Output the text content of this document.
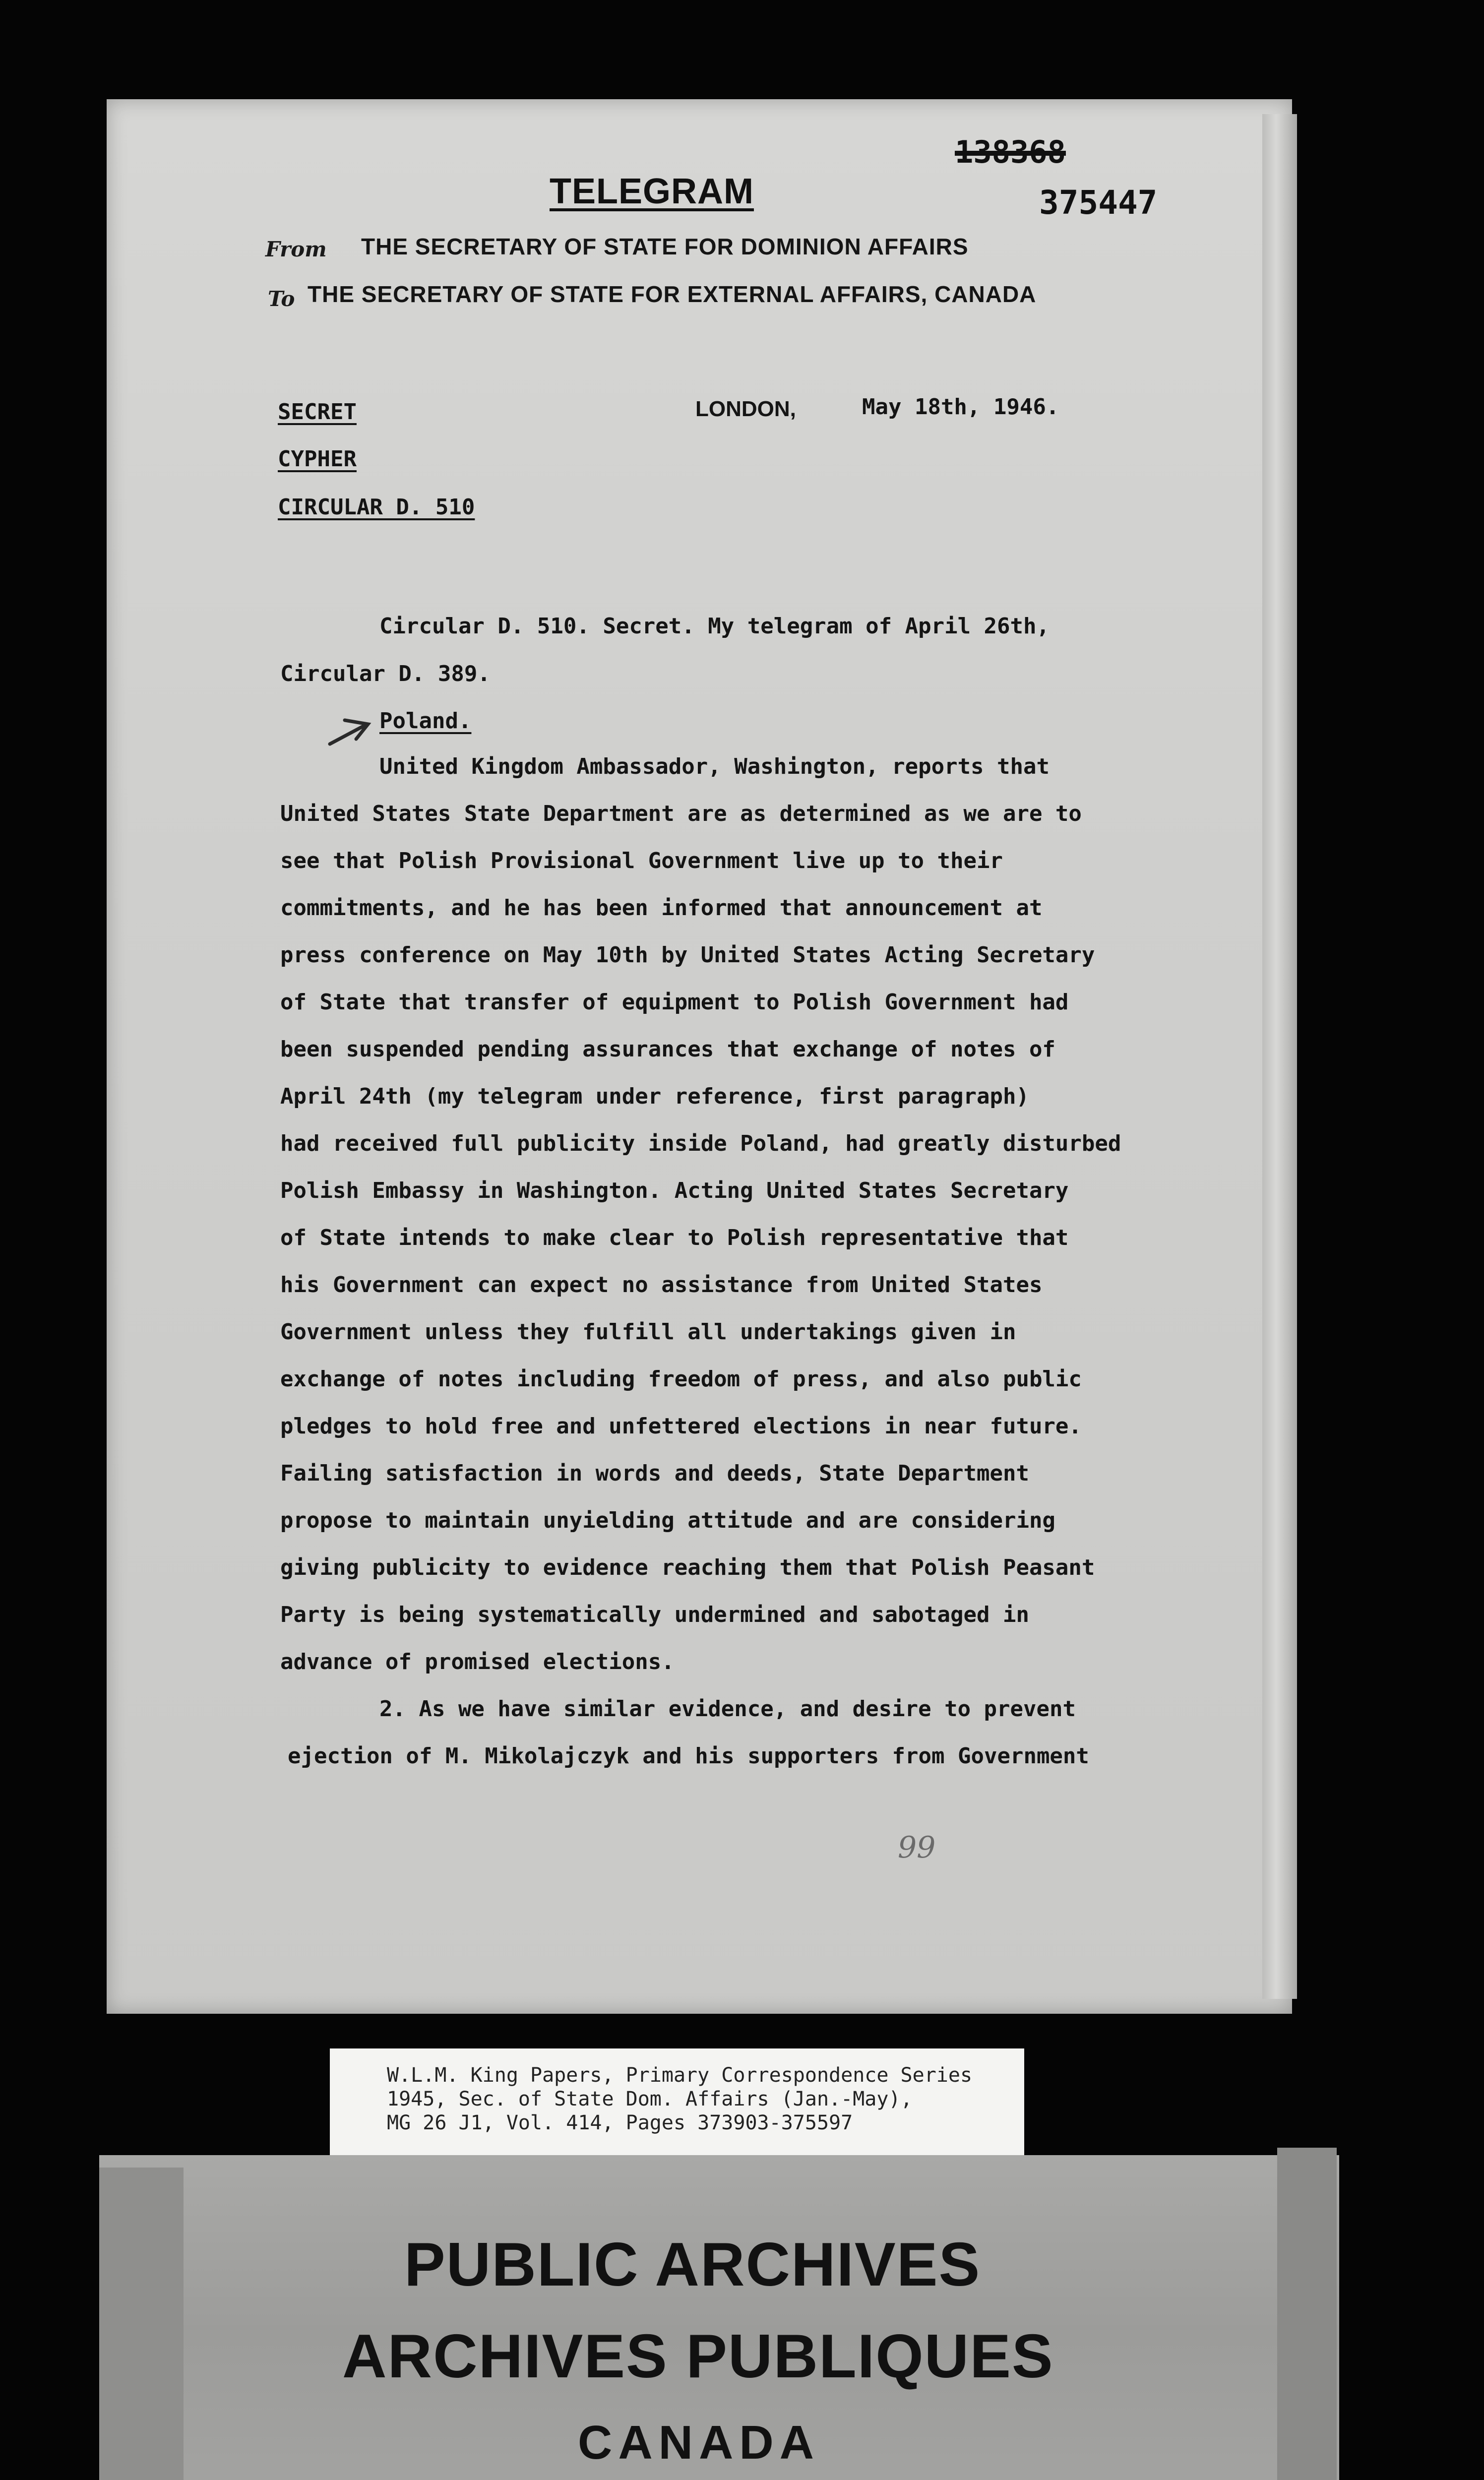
TELEGRAM
138368
375447
From THE SECRETARY OF STATE FOR DOMINION AFFAIRS
To THE SECRETARY OF STATE FOR EXTERNAL AFFAIRS, CANADA
SECRET
CYPHER
CIRCULAR D. 510
LONDON,	May 18th, 1946.
Circular D. 510. Secret. My telegram of April 26th,
Circular D. 389.
Poland.
United Kingdom Ambassador, Washington, reports that
United States State Department are as determined as we are to
see that Polish Provisional Government live up to their
commitments, and he has been informed that announcement at
press conference on May 10th by United States Acting Secretary
of State that transfer of equipment to Polish Government had
been suspended pending assurances that exchange of notes of
April 24th (my telegram under reference, first paragraph)
had received full publicity inside Poland, had greatly disturbed
Polish Embassy in Washington. Acting United States Secretary
of State intends to make clear to Polish representative that
his Government can expect no assistance from United States
Government unless they fulfill all undertakings given in
exchange of notes including freedom of press, and also public
pledges to hold free and unfettered elections in near future.
Failing satisfaction in words and deeds, State Department
propose to maintain unyielding attitude and are considering
giving publicity to evidence reaching them that Polish Peasant
Party is being systematically undermined and sabotaged in
advance of promised elections.
2. As we have similar evidence, and desire to prevent
ejection of M. Mikolajczyk and his supporters from Government
99
W.L.M. King Papers, Primary Correspondence Series
1945, Sec. of State Dom. Affairs (Jan.-May),
MG 26 J1, Vol. 414, Pages 373903-375597
PUBLIC ARCHIVES
ARCHIVES PUBLIQUES
CANADA
